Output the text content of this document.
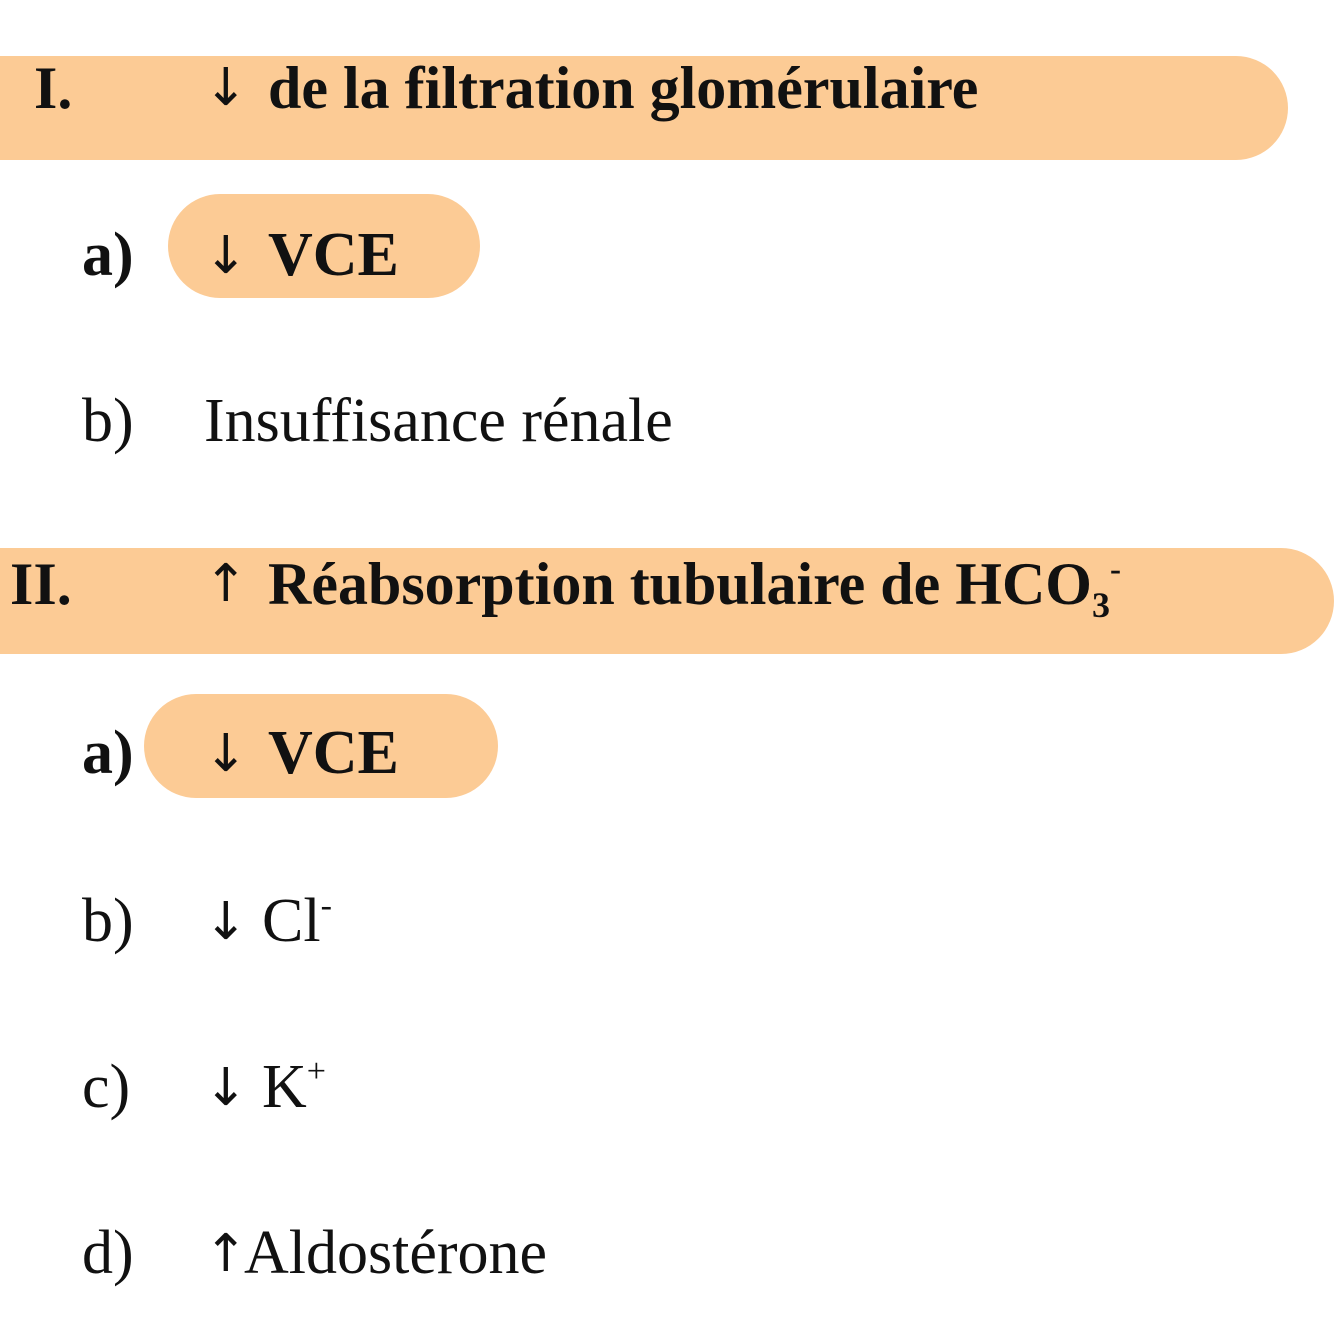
I.	↓ de la filtration glomérulaire
a) ↓ VCE
b) Insuffisance rénale
II.	↑ Réabsorption tubulaire de $HCO_3^-$
a) ↓ VCE
b) ↓ Cl-
c) ↓ K+
d) ↑
Aldostérone
